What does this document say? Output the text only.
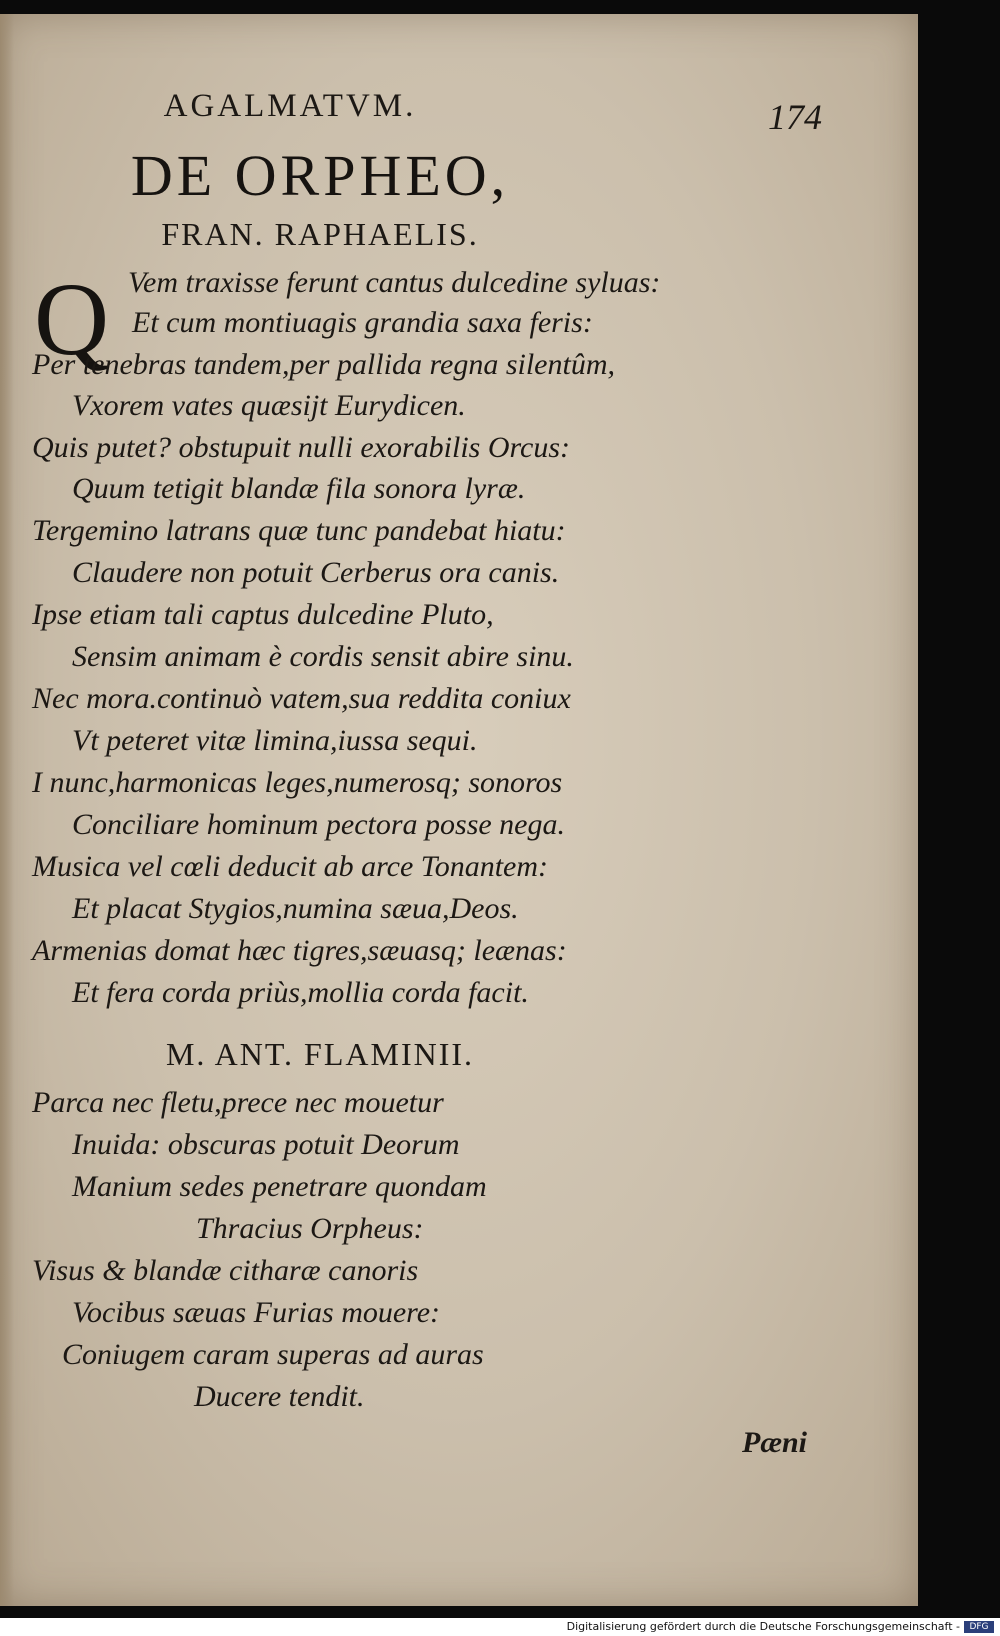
AGALMATVM.	174
DE ORPHEO,
FRAN. RAPHAELIS.
Q Vem traxisse ferunt cantus dulcedine syluas:
Et cum montiuagis grandia saxa feris:
Per tenebras tandem,per pallida regna silentûm,
Vxorem vates quæsijt Eurydicen.
Quis putet? obstupuit nulli exorabilis Orcus:
Quum tetigit blandæ fila sonora lyræ.
Tergemino latrans quæ tunc pandebat hiatu:
Claudere non potuit Cerberus ora canis.
Ipse etiam tali captus dulcedine Pluto,
Sensim animam è cordis sensit abire sinu.
Nec mora.continuò vatem,sua reddita coniux
Vt peteret vitæ limina,iussa sequi.
I nunc,harmonicas leges,numerosq; sonoros
Conciliare hominum pectora posse nega.
Musica vel cœli deducit ab arce Tonantem:
Et placat Stygios,numina sæua,Deos.
Armenias domat hæc tigres,sæuasq; leænas:
Et fera corda priùs,mollia corda facit.
M. ANT. FLAMINII.
Parca nec fletu,prece nec mouetur
Inuida: obscuras potuit Deorum
Manium sedes penetrare quondam
Thracius Orpheus:
Visus & blandæ citharæ canoris
Vocibus sæuas Furias mouere:
Coniugem caram superas ad auras
Ducere tendit.
Pæni
Digitalisierung gefördert durch die Deutsche Forschungsgemeinschaft -	DFG
